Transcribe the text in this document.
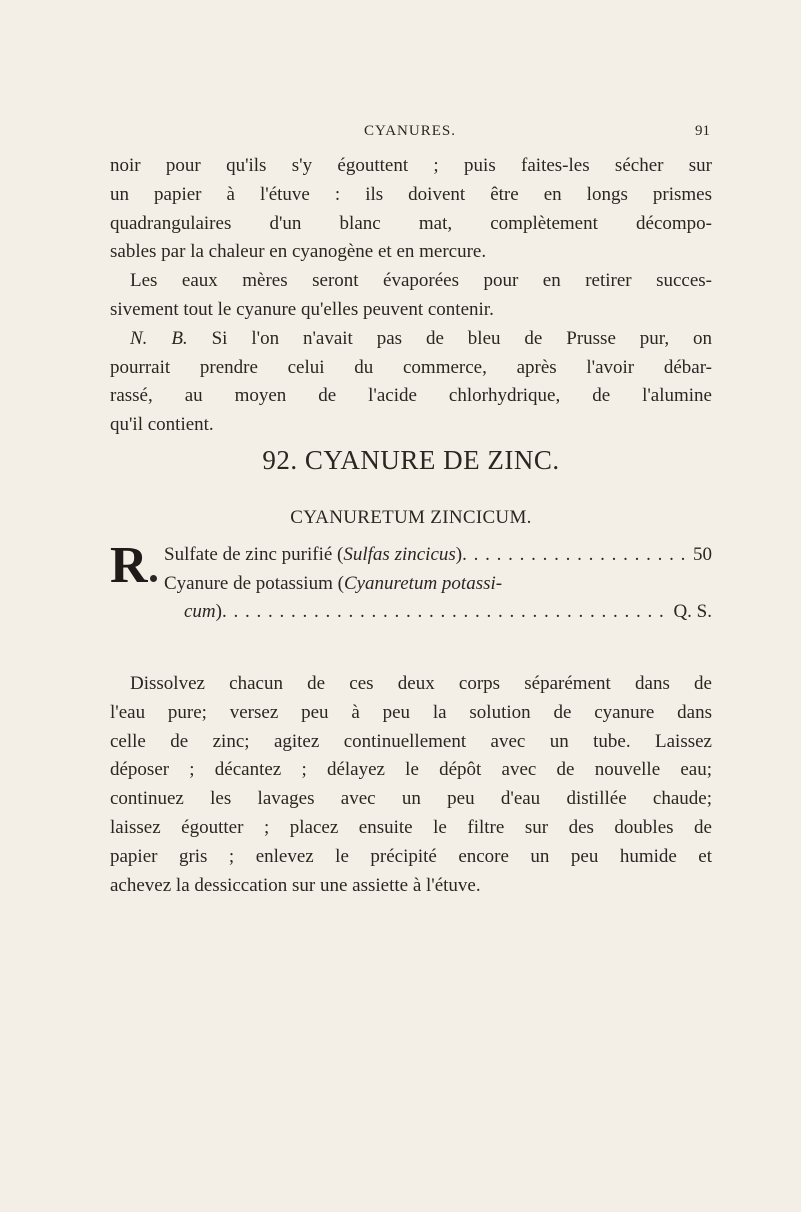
CYANURES.	91
noir pour qu'ils s'y égouttent ; puis faites-les sécher sur
un papier à l'étuve : ils doivent être en longs prismes
quadrangulaires d'un blanc mat, complètement décompo-
sables par la chaleur en cyanogène et en mercure.
Les eaux mères seront évaporées pour en retirer succes-
sivement tout le cyanure qu'elles peuvent contenir.
N. B. Si l'on n'avait pas de bleu de Prusse pur, on
pourrait prendre celui du commerce, après l'avoir débar-
rassé, au moyen de l'acide chlorhydrique, de l'alumine
qu'il contient.
92. CYANURE DE ZINC.
CYANURETUM ZINCICUM.
R Sulfate de zinc purifié ( Sulfas zincicus ) . . .	50
Cyanure de potassium ( Cyanuretum potassi-
cum ) . . .	Q. S.
Dissolvez chacun de ces deux corps séparément dans de
l'eau pure; versez peu à peu la solution de cyanure dans
celle de zinc; agitez continuellement avec un tube. Laissez
déposer ; décantez ; délayez le dépôt avec de nouvelle eau;
continuez les lavages avec un peu d'eau distillée chaude;
laissez égoutter ; placez ensuite le filtre sur des doubles de
papier gris ; enlevez le précipité encore un peu humide et
achevez la dessiccation sur une assiette à l'étuve.
